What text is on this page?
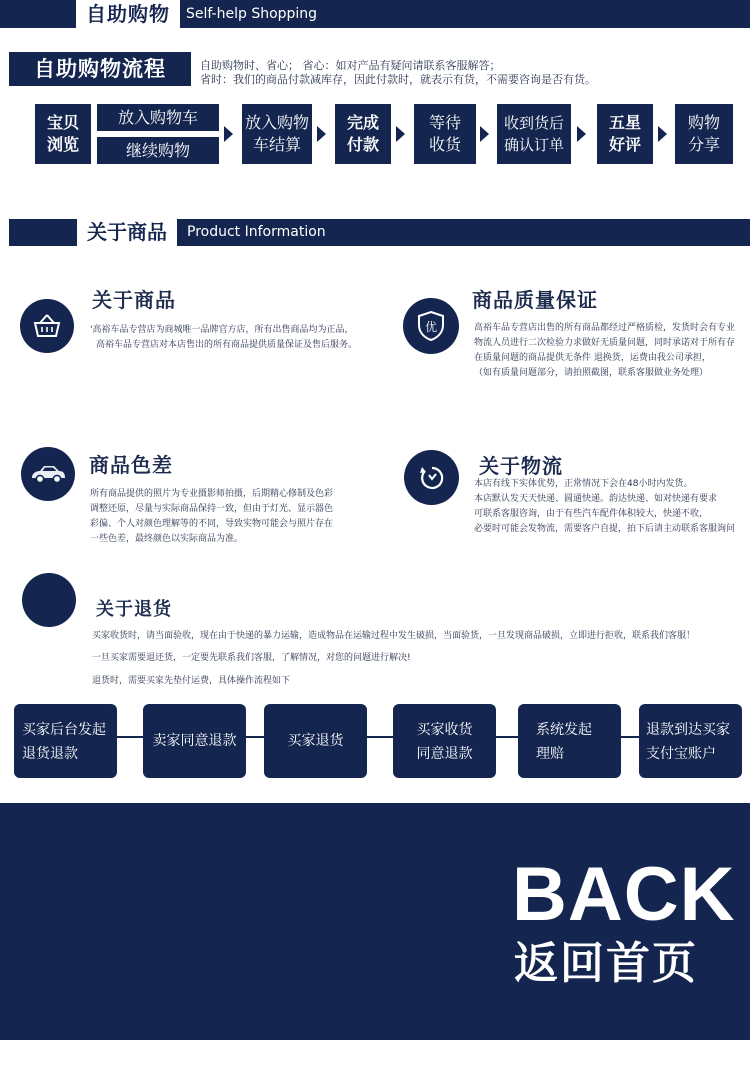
自助购物	Self-help Shopping
自助购物流程	自助购物时、省心； 省心：如对产品有疑问请联系客服解答；
省时：我们的商品付款减库存，因此付款时，就表示有货，不需要咨询是否有货。
宝贝
浏览
放入购物车
继续购物
放入购物
车结算
完成
付款
等待
收货
收到货后
确认订单
五星
好评
购物
分享
关于商品	Product Information
关于商品
'高裕车品专营店为商城唯一品牌官方店，所有出售商品均为正品，
高裕车品专营店对本店售出的所有商品提供质量保证及售后服务。
优
商品质量保证
高裕车品专营店出售的所有商品都经过严格质检，发货时会有专业
物流人员进行二次检验力求做好无质量问题，同时承诺对于所有存
在质量问题的商品提供无条件 退换货，运费由我公司承担，
（如有质量问题部分，请拍照截图，联系客服做业务处理）
商品色差
所有商品提供的照片为专业摄影师拍摄，后期精心修制及色彩
调整还原，尽量与实际商品保持一致，但由于灯光、显示器色
彩偏、个人对颜色理解等的不同，导致实物可能会与照片存在
一些色差，最终颜色以实际商品为准。
关于物流
本店有线下实体优势，正常情况下会在48小时内发货。
本店默认发天天快递、圆通快递。韵达快递、如对快递有要求
可联系客服咨询，由于有些汽车配件体积较大，快递不收，
必要时可能会发物流，需要客户自提，拍下后请主动联系客服询问
关于退货
买家收货时，请当面验收，现在由于快递的暴力运输，造成物品在运输过程中发生破损，当面验货，一旦发现商品破损，立即进行拒收，联系我们客服！
一旦买家需要退还货，一定要先联系我们客服，了解情况，对您的问题进行解决!
退货时，需要买家先垫付运费，具体操作流程如下
买家后台发起
退货退款
卖家同意退款	买家退货
买家收货
同意退款
系统发起
理赔
退款到达买家
支付宝账户
BACK
返回首页
